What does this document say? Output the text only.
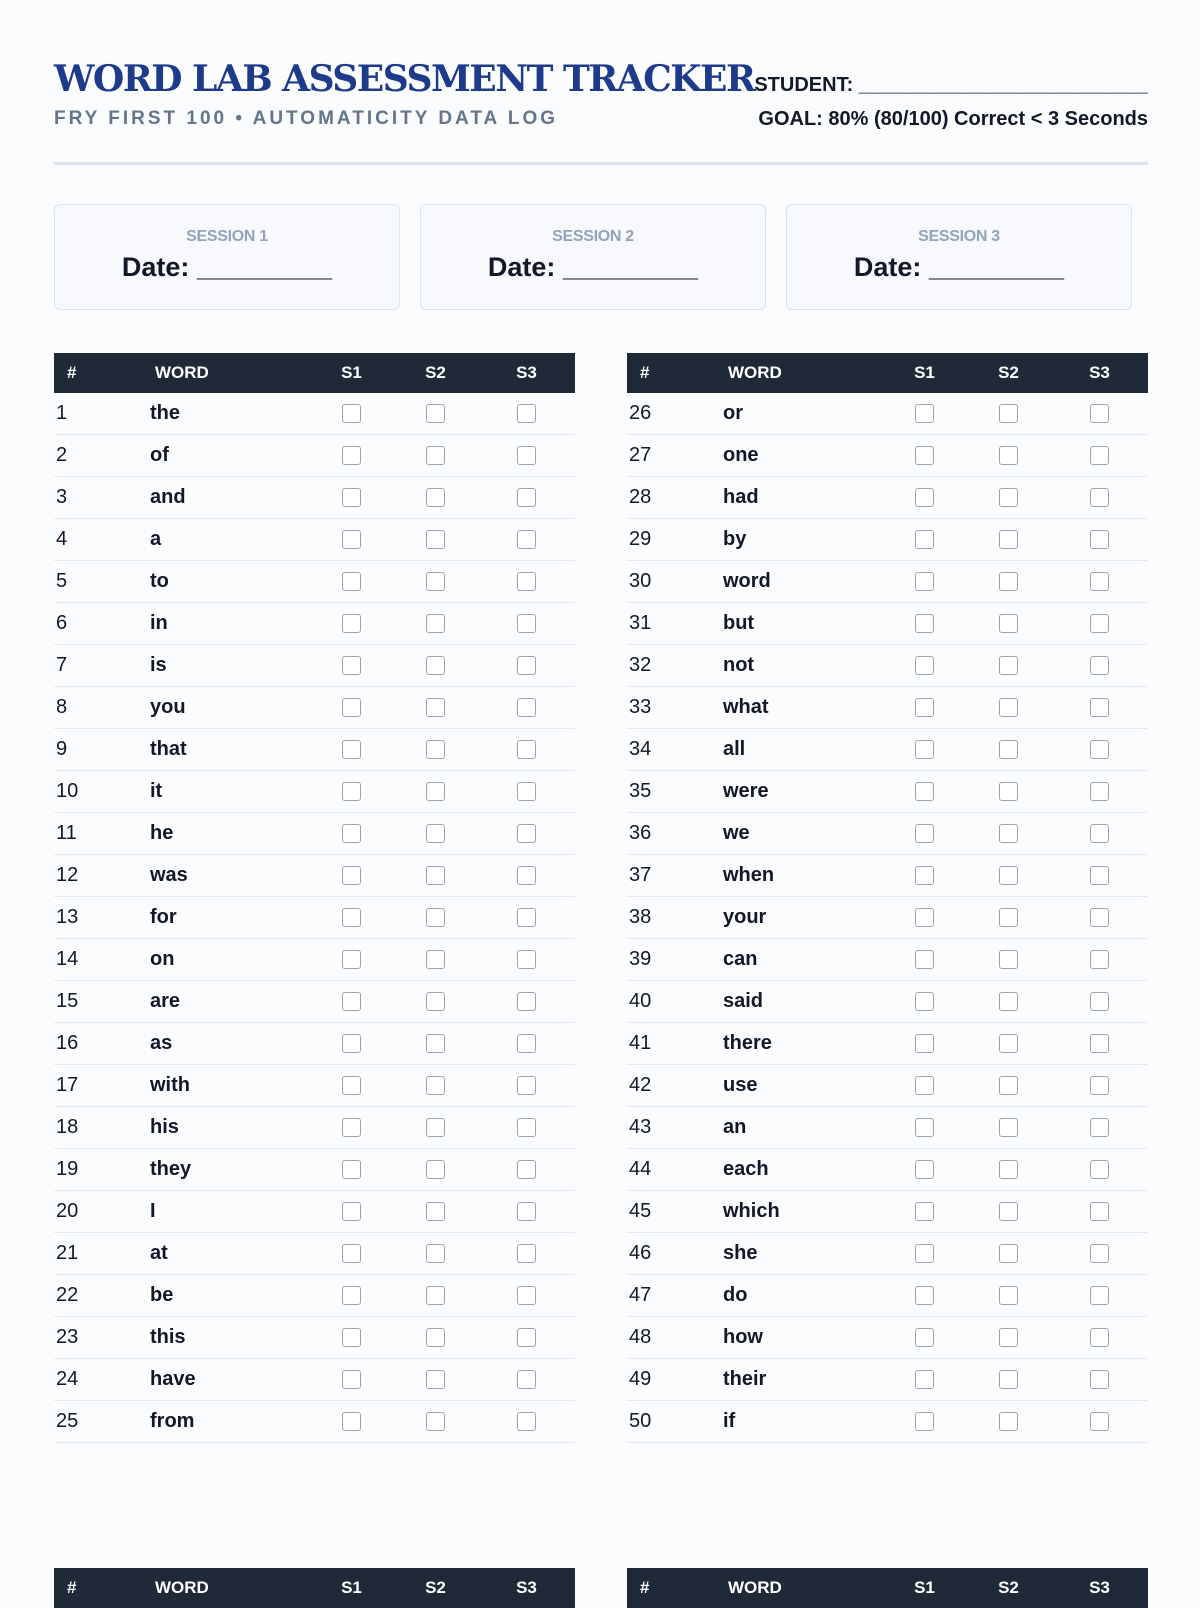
WORD LAB ASSESSMENT TRACKER
FRY FIRST 100 • AUTOMATICITY DATA LOG
STUDENT: __________________________
GOAL: 80% (80/100) Correct < 3 Seconds
SESSION 1
Date: _________
SESSION 2
Date: _________
SESSION 3
Date: _________
#	WORD	S1	S2	S3
1	the			
2	of			
3	and			
4	a			
5	to			
6	in			
7	is			
8	you			
9	that			
10	it			
11	he			
12	was			
13	for			
14	on			
15	are			
16	as			
17	with			
18	his			
19	they			
20	I			
21	at			
22	be			
23	this			
24	have			
25	from			
#	WORD	S1	S2	S3
26	or			
27	one			
28	had			
29	by			
30	word			
31	but			
32	not			
33	what			
34	all			
35	were			
36	we			
37	when			
38	your			
39	can			
40	said			
41	there			
42	use			
43	an			
44	each			
45	which			
46	she			
47	do			
48	how			
49	their			
50	if			
#	WORD	S1	S2	S3	#	WORD	S1	S2	S3
